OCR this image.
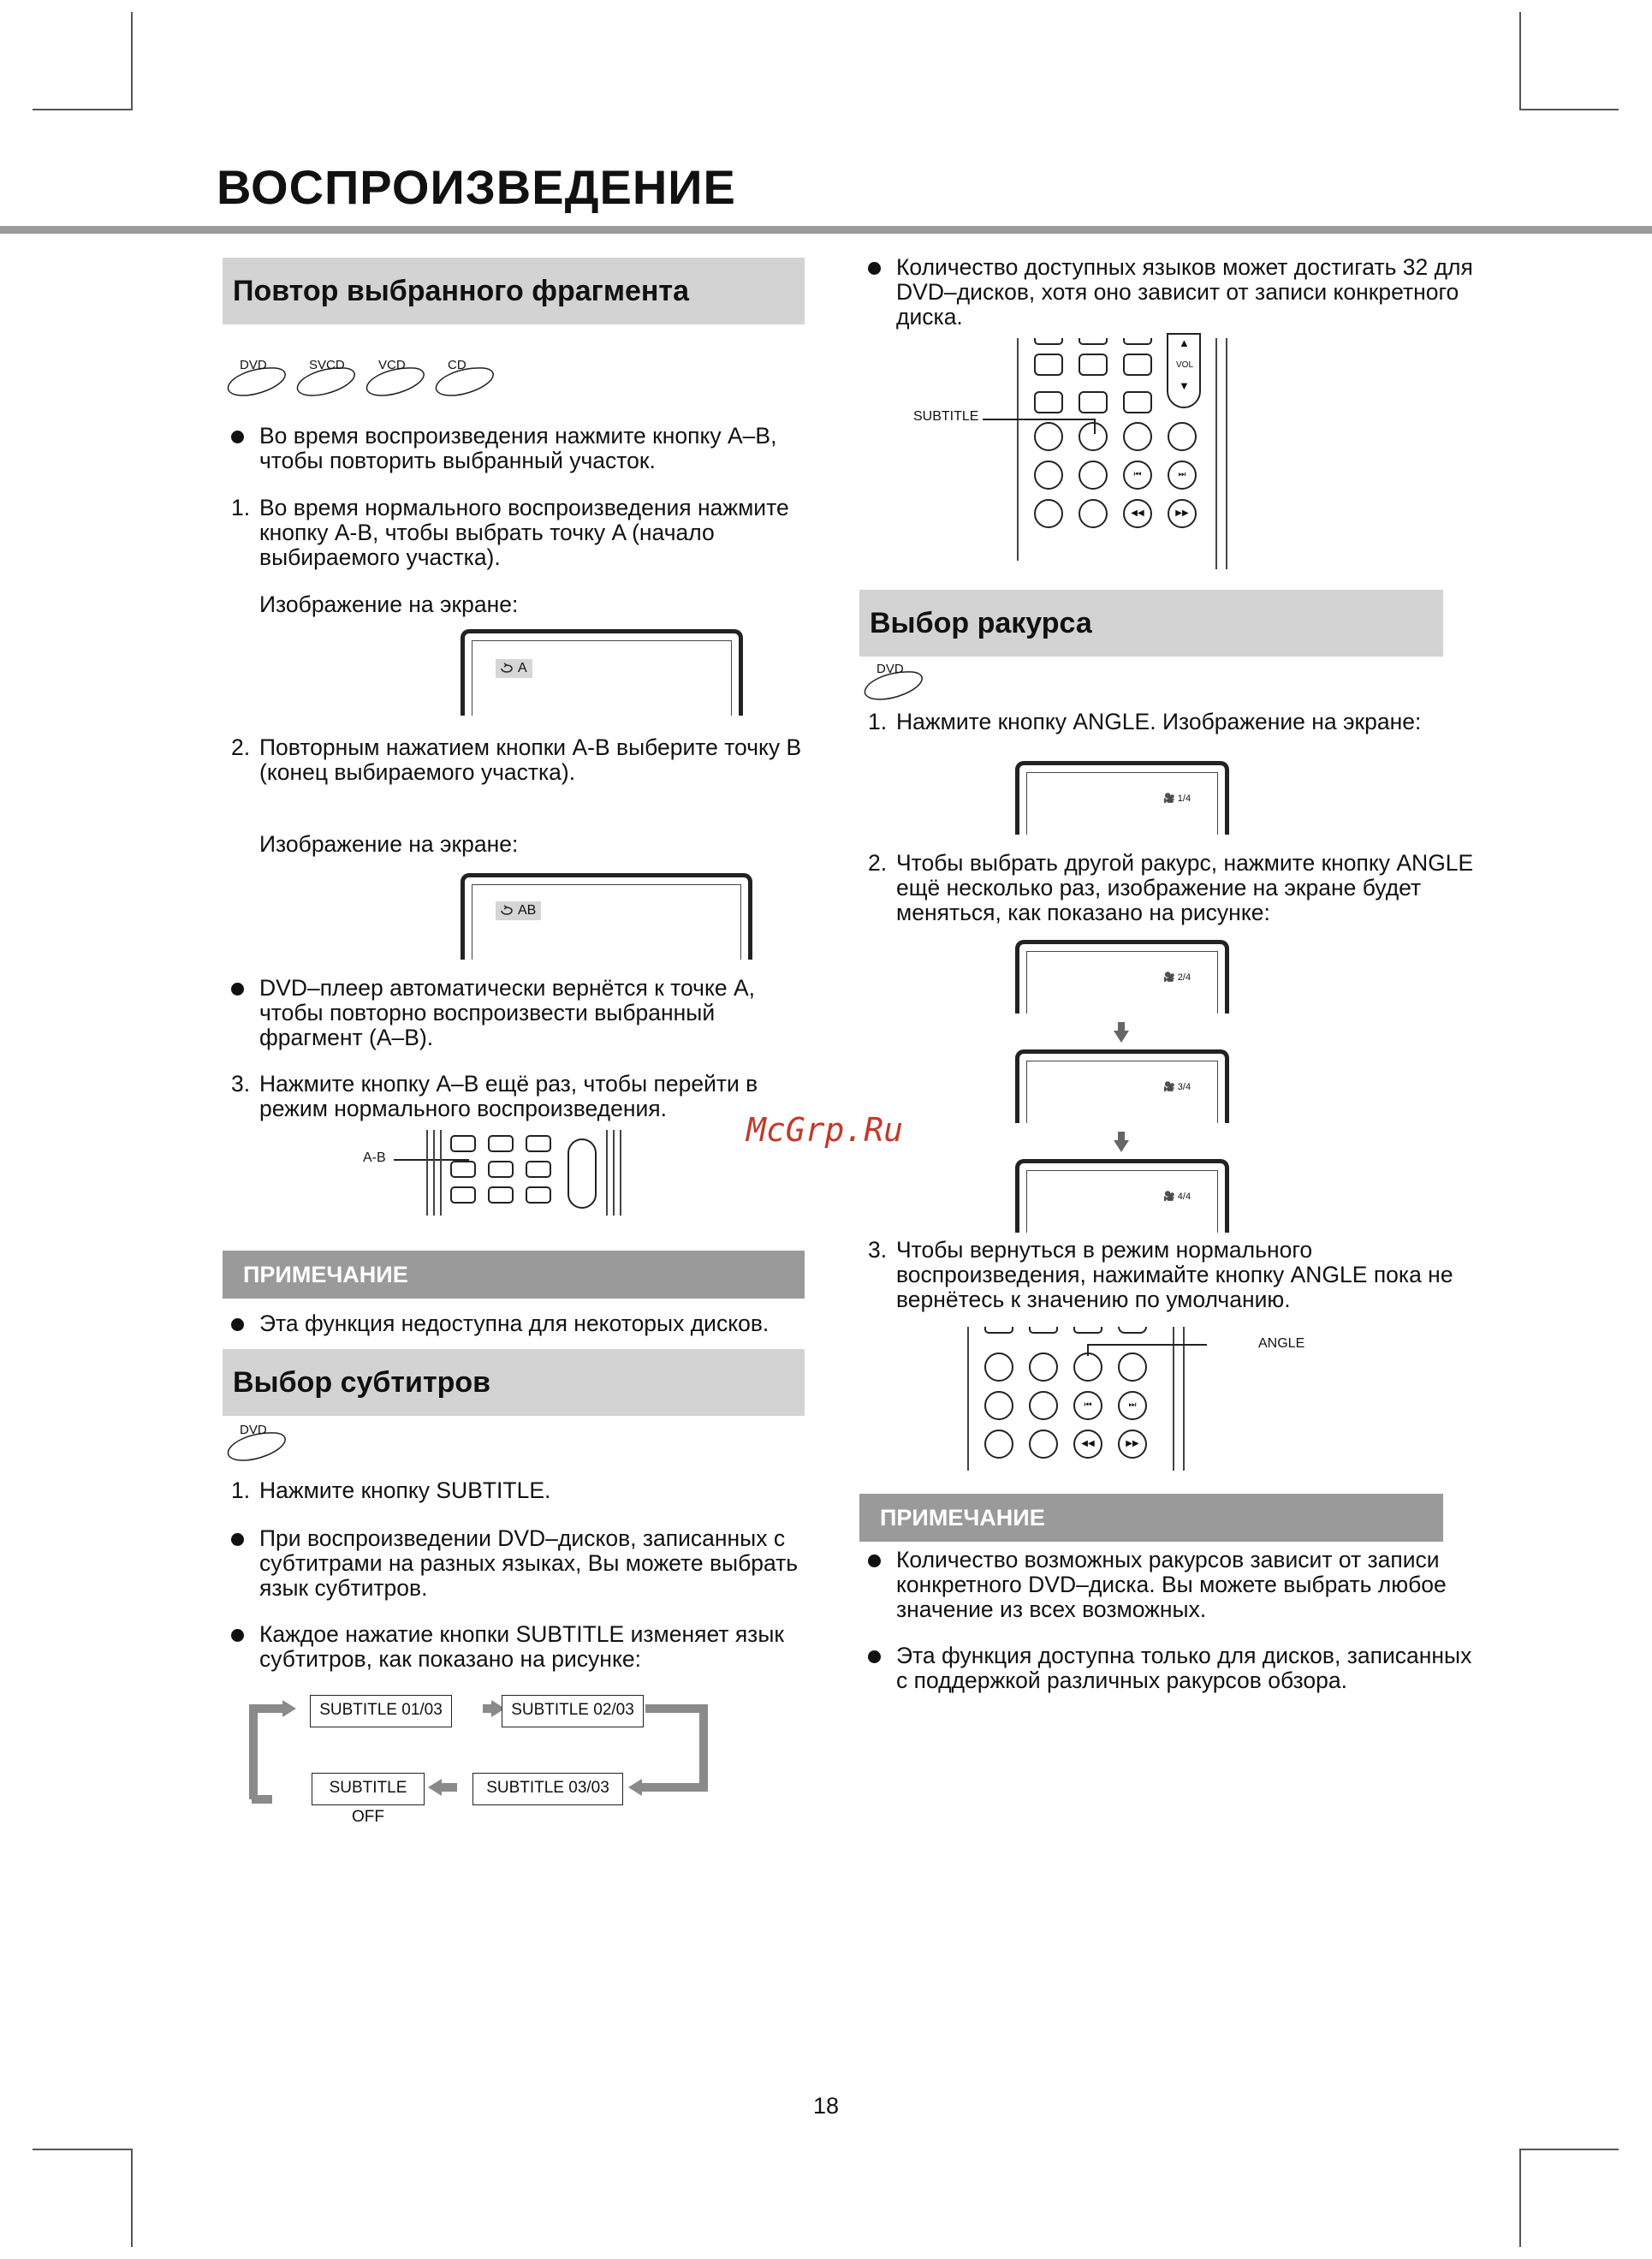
ВОСПРОИЗВЕДЕНИЕ
Повтор выбранного фрагмента
DVD	SVCD	VCD	CD

Во время воспроизведения нажмите кнопку A–B, чтобы повторить выбранный участок.

1. Во время нормального воспроизведения нажмите кнопку A-B, чтобы выбрать точку A (начало выбираемого участка).

Изображение на экране:

A
2. Повторным нажатием кнопки A-B выберите точку B (конец выбираемого участка).

Изображение на экране:

AB

DVD–плеер автоматически вернётся к точке A, чтобы повторно воспроизвести выбранный фрагмент (A–B).

3. Нажмите кнопку A–B ещё раз, чтобы перейти в режим нормального воспроизведения.
A-B
ПРИМЕЧАНИЕ

Эта функция недоступна для некоторых дисков.

Выбор субтитров
DVD
1. Нажмите кнопку SUBTITLE.

При воспроизведении DVD–дисков, записанных с субтитрами на разных языках, Вы можете выбрать язык субтитров.

Каждое нажатие кнопки SUBTITLE изменяет язык субтитров, как показано на рисунке:

SUBTITLE 01/03	SUBTITLE 02/03
SUBTITLE 03/03
SUBTITLE OFF

Количество доступных языков может достигать 32 для DVD–дисков, хотя оно зависит от записи конкретного диска.

▲
VOL
▼
SUBTITLE
⏮	⏭
◀◀	▶▶
Выбор ракурса
DVD
1. Нажмите кнопку ANGLE. Изображение на экране:
🎥 1/4
2. Чтобы выбрать другой ракурс, нажмите кнопку ANGLE ещё несколько раз, изображение на экране будет меняться, как показано на рисунке:
🎥 2/4
🎥 3/4
🎥 4/4
3. Чтобы вернуться в режим нормального воспроизведения, нажимайте кнопку ANGLE пока не вернётесь к значению по умолчанию.
ANGLE
⏮	⏭
◀◀	▶▶
ПРИМЕЧАНИЕ

Количество возможных ракурсов зависит от записи конкретного DVD–диска. Вы можете выбрать любое значение из всех возможных.

Эта функция доступна только для дисков, записанных с поддержкой различных ракурсов обзора.

McGrp.Ru
18
